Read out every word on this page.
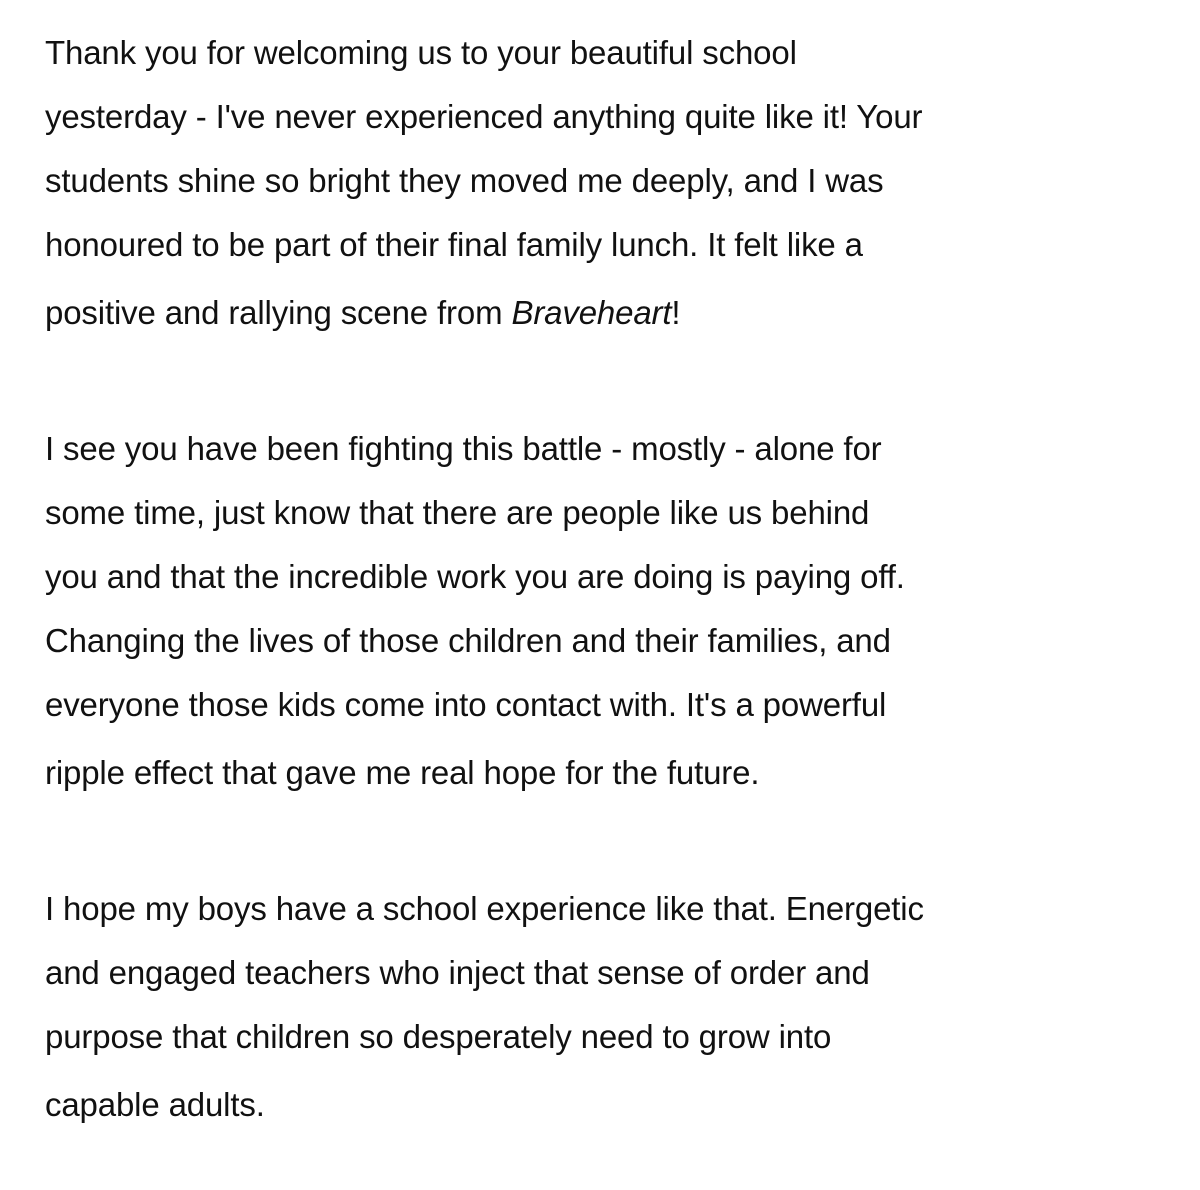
Thank you for welcoming us to your beautiful school
yesterday - I've never experienced anything quite like it! Your
students shine so bright they moved me deeply, and I was
honoured to be part of their final family lunch. It felt like a
positive and rallying scene from Braveheart!
I see you have been fighting this battle - mostly - alone for
some time, just know that there are people like us behind
you and that the incredible work you are doing is paying off.
Changing the lives of those children and their families, and
everyone those kids come into contact with. It's a powerful
ripple effect that gave me real hope for the future.
I hope my boys have a school experience like that. Energetic
and engaged teachers who inject that sense of order and
purpose that children so desperately need to grow into
capable adults.
